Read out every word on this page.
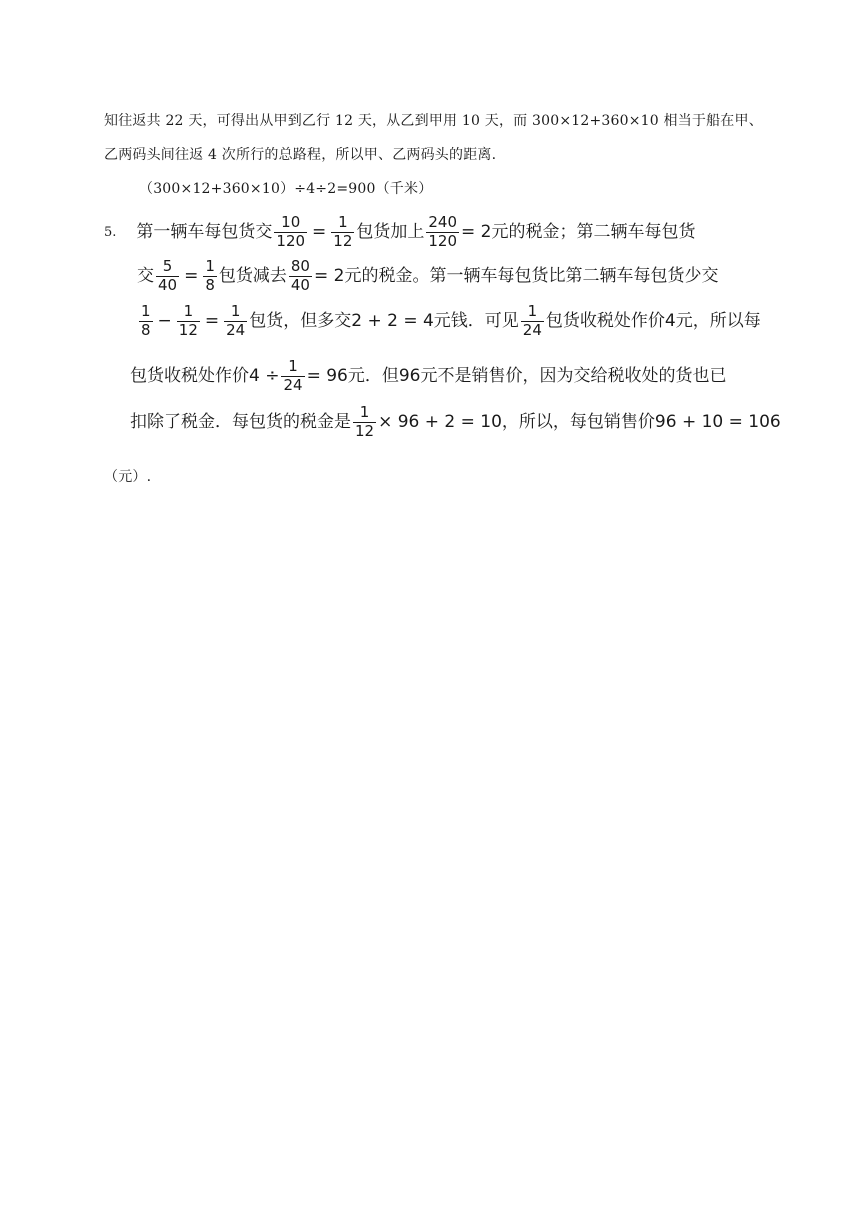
知往返共 22 天，可得出从甲到乙行 12 天，从乙到甲用 10 天，而 300×12+360×10 相当于船在甲、
乙两码头间往返 4 次所行的总路程，所以甲、乙两码头的距离.
（300×12+360×10）÷4÷2=900（千米）
5. 第一辆车每包货交 $\frac{10}{120} = \frac{1}{12}$ 包货加上 $\frac{240}{120} = 2$元的税金；第二辆车每包货
交 $\frac{5}{40} = \frac{1}{8}$ 包货减去 $\frac{80}{40} = 2$元的税金。第一辆车每包货比第二辆车每包货少交
$\frac{1}{8} - \frac{1}{12} = \frac{1}{24}$ 包货，但多交2 + 2 = 4元钱．可见 $\frac{1}{24}$ 包货收税处作价4元，所以每
包货收税处作价$4 \div \frac{1}{24} = 96$元．但96元不是销售价，因为交给税收处的货也已
扣除了税金．每包货的税金是 $\frac{1}{12} \times 96 + 2 = 10$，所以，每包销售价96 + 10 = 106
（元）.
